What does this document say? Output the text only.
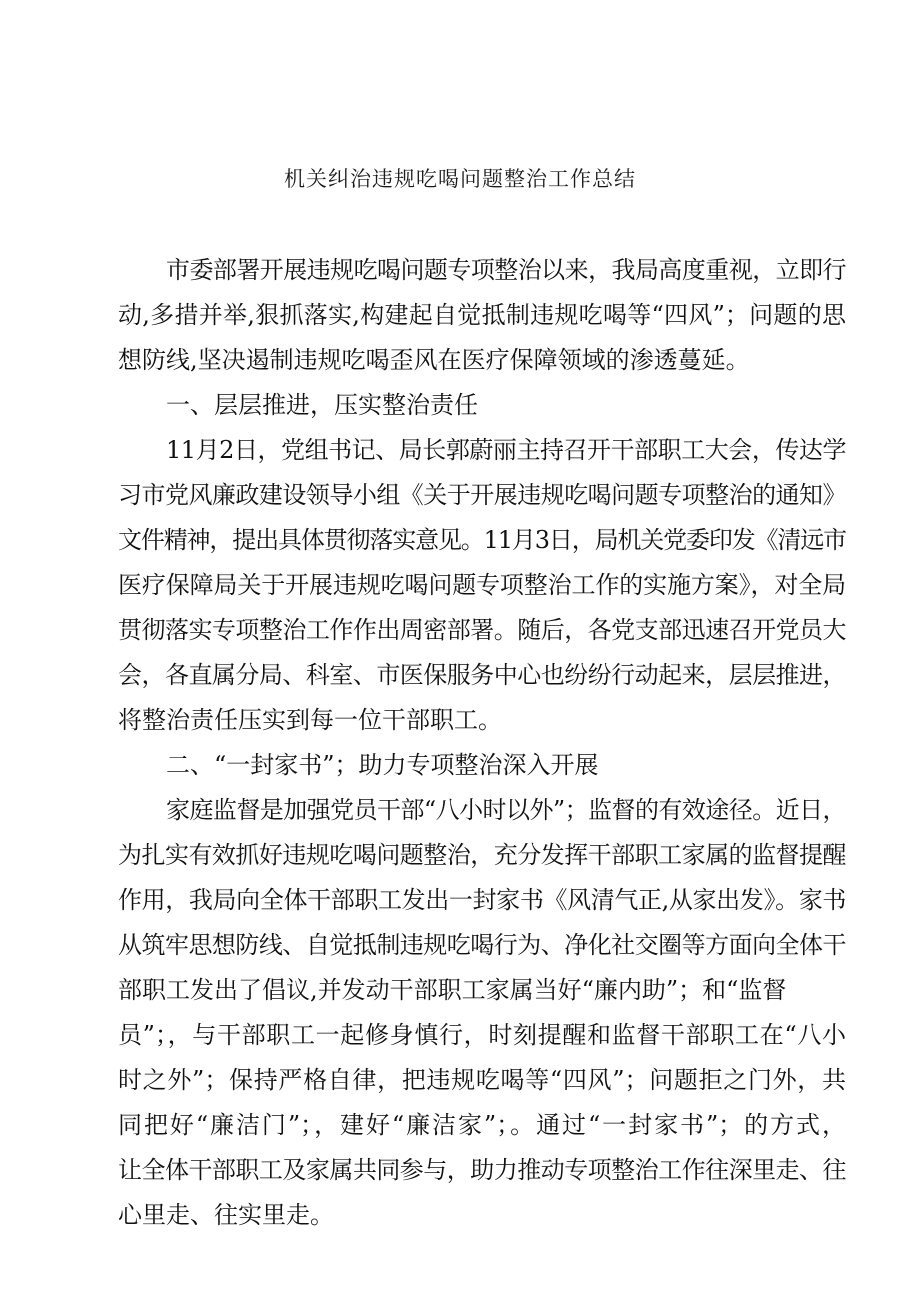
机关纠治违规吃喝问题整治工作总结
市委部署开展违规吃喝问题专项整治以来，我局高度重视，立即行
动,多措并举,狠抓落实,构建起自觉抵制违规吃喝等“四风”；问题的思
想防线,坚决遏制违规吃喝歪风在医疗保障领域的渗透蔓延。
一、层层推进，压实整治责任
11月2日，党组书记、局长郭蔚丽主持召开干部职工大会，传达学
习市党风廉政建设领导小组《关于开展违规吃喝问题专项整治的通知》
文件精神，提出具体贯彻落实意见。11月3日，局机关党委印发《清远市
医疗保障局关于开展违规吃喝问题专项整治工作的实施方案》，对全局
贯彻落实专项整治工作作出周密部署。随后，各党支部迅速召开党员大
会，各直属分局、科室、市医保服务中心也纷纷行动起来，层层推进，
将整治责任压实到每一位干部职工。
二、“一封家书”；助力专项整治深入开展
家庭监督是加强党员干部“八小时以外”；监督的有效途径。近日，
为扎实有效抓好违规吃喝问题整治，充分发挥干部职工家属的监督提醒
作用，我局向全体干部职工发出一封家书《风清气正,从家出发》。家书
从筑牢思想防线、自觉抵制违规吃喝行为、净化社交圈等方面向全体干
部职工发出了倡议,并发动干部职工家属当好“廉内助”；和“监督
员”；，与干部职工一起修身慎行，时刻提醒和监督干部职工在“八小
时之外”；保持严格自律，把违规吃喝等“四风”；问题拒之门外，共
同把好“廉洁门”；，建好“廉洁家”；。通过“一封家书”；的方式，
让全体干部职工及家属共同参与，助力推动专项整治工作往深里走、往
心里走、往实里走。
